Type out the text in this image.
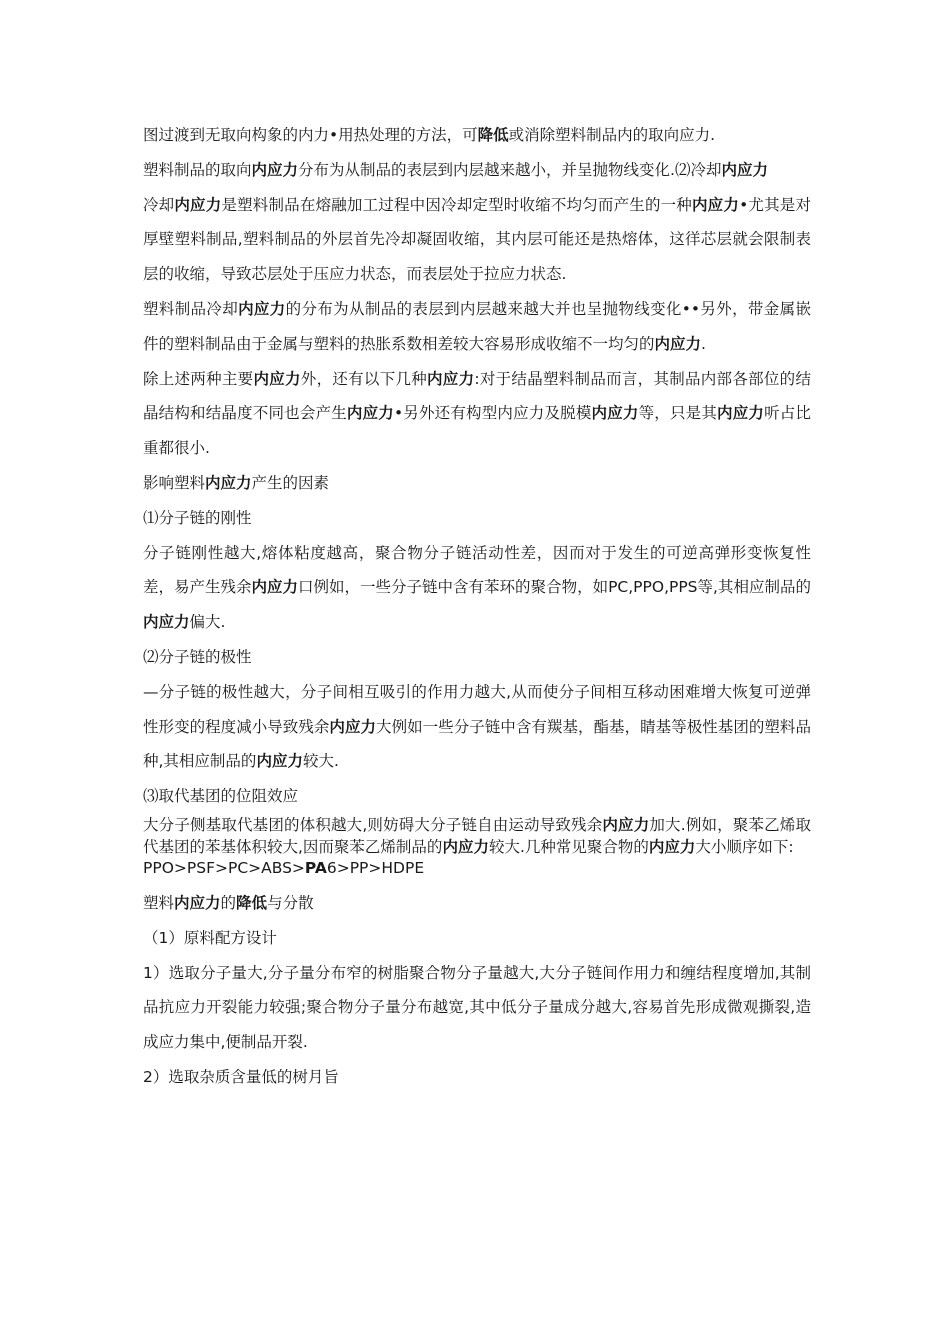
图过渡到无取向构象的内力•用热处理的方法，可降低或消除塑料制品内的取向应力.

塑料制品的取向内应力分布为从制品的表层到内层越来越小，并呈抛物线变化.⑵冷却内应力

冷却内应力是塑料制品在熔融加工过程中因冷却定型时收缩不均匀而产生的一种内应力•尤其是对厚壁塑料制品,塑料制品的外层首先冷却凝固收缩，其内层可能还是热熔体，这徉芯层就会限制表层的收缩，导致芯层处于压应力状态，而表层处于拉应力状态.

塑料制品冷却内应力的分布为从制品的表层到内层越来越大并也呈抛物线变化••另外，带金属嵌件的塑料制品由于金属与塑料的热胀系数相差较大容易形成收缩不一均匀的内应力.

除上述两种主要内应力外，还有以下几种内应力:对于结晶塑料制品而言，其制品内部各部位的结晶结构和结晶度不同也会产生内应力•另外还有构型内应力及脱模内应力等，只是其内应力听占比重都很小.

影响塑料内应力产生的因素

⑴分子链的刚性

分子链刚性越大,熔体粘度越高，聚合物分子链活动性差，因而对于发生的可逆高弹形变恢复性差，易产生残余内应力口例如，一些分子链中含有苯环的聚合物，如PC,PPO,PPS等,其相应制品的内应力偏大.

⑵分子链的极性

—分子链的极性越大，分子间相互吸引的作用力越大,从而使分子间相互移动困难增大恢复可逆弹性形变的程度减小导致残余内应力大例如一些分子链中含有羰基，酯基，睛基等极性基团的塑料品种,其相应制品的内应力较大.

⑶取代基团的位阻效应

大分子侧基取代基团的体积越大,则妨碍大分子链自由运动导致残余内应力加大.例如，聚苯乙烯取代基团的苯基体积较大,因而聚苯乙烯制品的内应力较大.几种常见聚合物的内应力大小顺序如下:

PPO>PSF>PC>ABS>PA6>PP>HDPE

塑料内应力的降低与分散

（1）原料配方设计

1）选取分子量大,分子量分布窄的树脂聚合物分子量越大,大分子链间作用力和缠结程度增加,其制品抗应力开裂能力较强;聚合物分子量分布越宽,其中低分子量成分越大,容易首先形成微观撕裂,造成应力集中,便制品开裂.

2）选取杂质含量低的树月旨
